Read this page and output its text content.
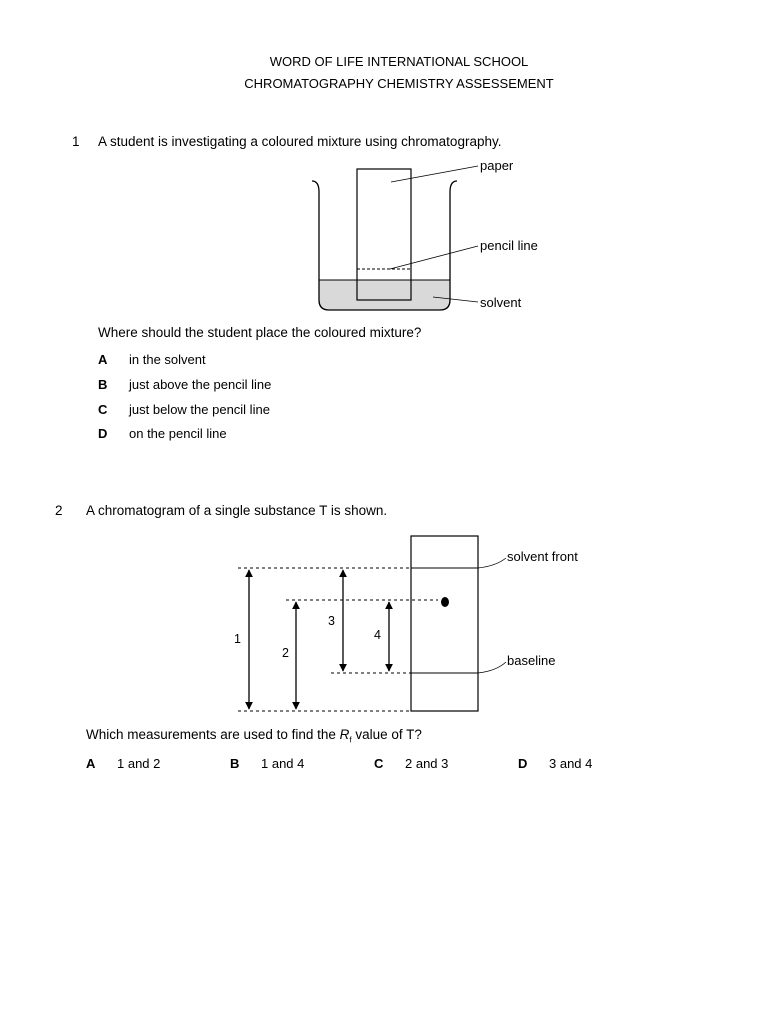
WORD OF LIFE INTERNATIONAL SCHOOL
CHROMATOGRAPHY CHEMISTRY ASSESSEMENT
1 A student is investigating a coloured mixture using chromatography.
paper
pencil line
solvent
Where should the student place the coloured mixture?
A in the solvent
B just above the pencil line
C just below the pencil line
D on the pencil line
2 A chromatogram of a single substance T is shown.
1
2
3
4
solvent front
baseline
Which measurements are used to find the $R_f$ value of T?
A 1 and 2	B 1 and 4	C 2 and 3	D 3 and 4
